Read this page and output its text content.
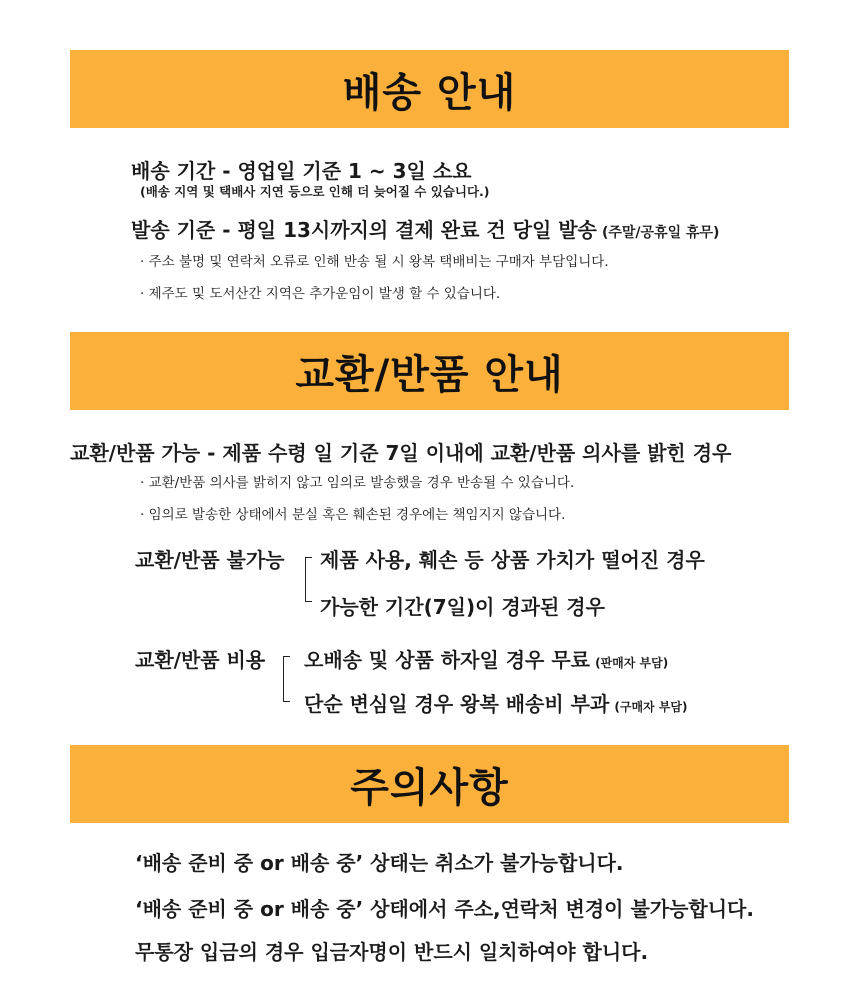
배송 안내
배송 기간 - 영업일 기준 1 ~ 3일 소요
(배송 지역 및 택배사 지연 등으로 인해 더 늦어질 수 있습니다.)
발송 기준 - 평일 13시까지의 결제 완료 건 당일 발송 (주말/공휴일 휴무)
· 주소 불명 및 연락처 오류로 인해 반송 될 시 왕복 택배비는 구매자 부담입니다.
· 제주도 및 도서산간 지역은 추가운임이 발생 할 수 있습니다.
교환/반품 안내
교환/반품 가능 - 제품 수령 일 기준 7일 이내에 교환/반품 의사를 밝힌 경우
· 교환/반품 의사를 밝히지 않고 임의로 발송했을 경우 반송될 수 있습니다.
· 임의로 발송한 상태에서 분실 혹은 훼손된 경우에는 책임지지 않습니다.
교환/반품 불가능 제품 사용, 훼손 등 상품 가치가 떨어진 경우
가능한 기간(7일)이 경과된 경우
교환/반품 비용 오배송 및 상품 하자일 경우 무료 (판매자 부담)
단순 변심일 경우 왕복 배송비 부과 (구매자 부담)
주의사항
‘배송 준비 중 or 배송 중’ 상태는 취소가 불가능합니다.
‘배송 준비 중 or 배송 중’ 상태에서 주소,연락처 변경이 불가능합니다.
무통장 입금의 경우 입금자명이 반드시 일치하여야 합니다.
